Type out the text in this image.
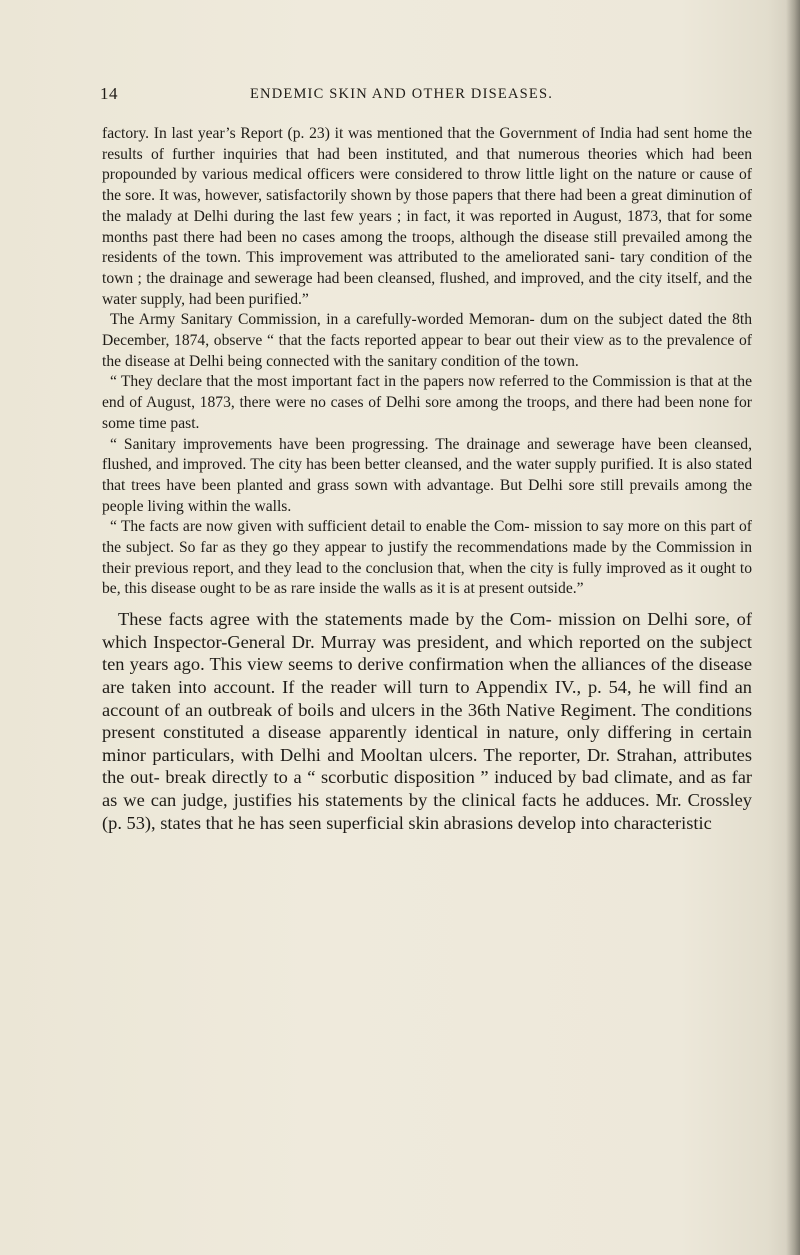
14	ENDEMIC SKIN AND OTHER DISEASES.

factory. In last year’s Report (p. 23) it was mentioned that the Government of India had sent home the results of further inquiries that had been instituted, and that numerous theories which had been propounded by various medical officers were considered to throw little light on the nature or cause of the sore. It was, however, satisfactorily shown by those papers that there had been a great diminution of the malady at Delhi during the last few years ; in fact, it was reported in August, 1873, that for some months past there had been no cases among the troops, although the disease still prevailed among the residents of the town. This improvement was attributed to the ameliorated sani- tary condition of the town ; the drainage and sewerage had been cleansed, flushed, and improved, and the city itself, and the water supply, had been purified.”

The Army Sanitary Commission, in a carefully-worded Memoran- dum on the subject dated the 8th December, 1874, observe “ that the facts reported appear to bear out their view as to the prevalence of the disease at Delhi being connected with the sanitary condition of the town.

“ They declare that the most important fact in the papers now referred to the Commission is that at the end of August, 1873, there were no cases of Delhi sore among the troops, and there had been none for some time past.

“ Sanitary improvements have been progressing. The drainage and sewerage have been cleansed, flushed, and improved. The city has been better cleansed, and the water supply purified. It is also stated that trees have been planted and grass sown with advantage. But Delhi sore still prevails among the people living within the walls.

“ The facts are now given with sufficient detail to enable the Com- mission to say more on this part of the subject. So far as they go they appear to justify the recommendations made by the Commission in their previous report, and they lead to the conclusion that, when the city is fully improved as it ought to be, this disease ought to be as rare inside the walls as it is at present outside.”

These facts agree with the statements made by the Com- mission on Delhi sore, of which Inspector-General Dr. Murray was president, and which reported on the subject ten years ago. This view seems to derive confirmation when the alliances of the disease are taken into account. If the reader will turn to Appendix IV., p. 54, he will find an account of an outbreak of boils and ulcers in the 36th Native Regiment. The conditions present constituted a disease apparently identical in nature, only differing in certain minor particulars, with Delhi and Mooltan ulcers. The reporter, Dr. Strahan, attributes the out- break directly to a “ scorbutic disposition ” induced by bad climate, and as far as we can judge, justifies his statements by the clinical facts he adduces. Mr. Crossley (p. 53), states that he has seen superficial skin abrasions develop into characteristic
